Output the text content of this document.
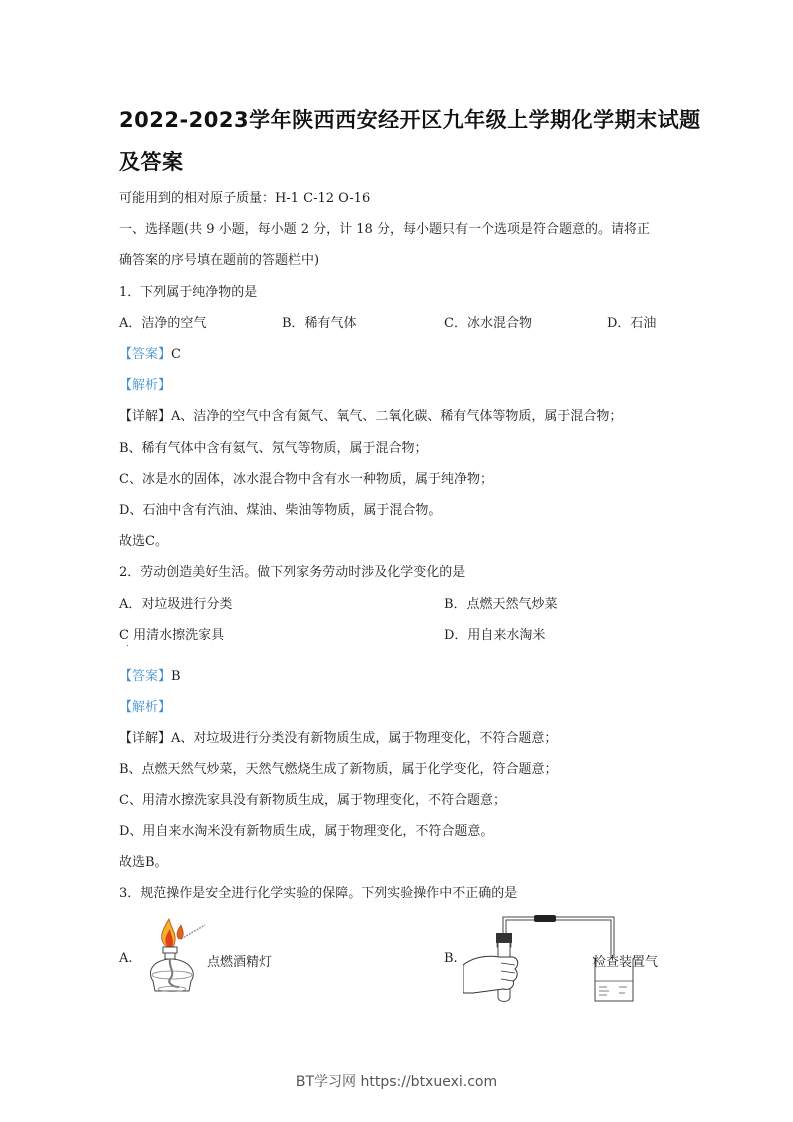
2022-2023学年陕西西安经开区九年级上学期化学期末试题
及答案
可能用到的相对原子质量：H-1 C-12 O-16
一、选择题(共 9 小题，每小题 2 分，计 18 分，每小题只有一个选项是符合题意的。请将正
确答案的序号填在题前的答题栏中)
1．下列属于纯净物的是
A．洁净的空气	B．稀有气体	C．冰水混合物	D．石油
【答案】C
【解析】
【详解】A、洁净的空气中含有氮气、氧气、二氧化碳、稀有气体等物质，属于混合物；
B、稀有气体中含有氦气、氖气等物质，属于混合物；
C、冰是水的固体，冰水混合物中含有水一种物质，属于纯净物；
D、石油中含有汽油、煤油、柴油等物质，属于混合物。
故选C。
2．劳动创造美好生活。做下列家务劳动时涉及化学变化的是
A．对垃圾进行分类	B．点燃天然气炒菜
C 用清水擦洗家具	D．用自来水淘米
【答案】B
【解析】
【详解】A、对垃圾进行分类没有新物质生成，属于物理变化，不符合题意；
B、点燃天然气炒菜，天然气燃烧生成了新物质，属于化学变化，符合题意；
C、用清水擦洗家具没有新物质生成，属于物理变化，不符合题意；
D、用自来水淘米没有新物质生成，属于物理变化，不符合题意。
故选B。
3．规范操作是安全进行化学实验的保障。下列实验操作中不正确的是
A.	点燃酒精灯	B.	检查装置气
BT学习网 https://btxuexi.com
